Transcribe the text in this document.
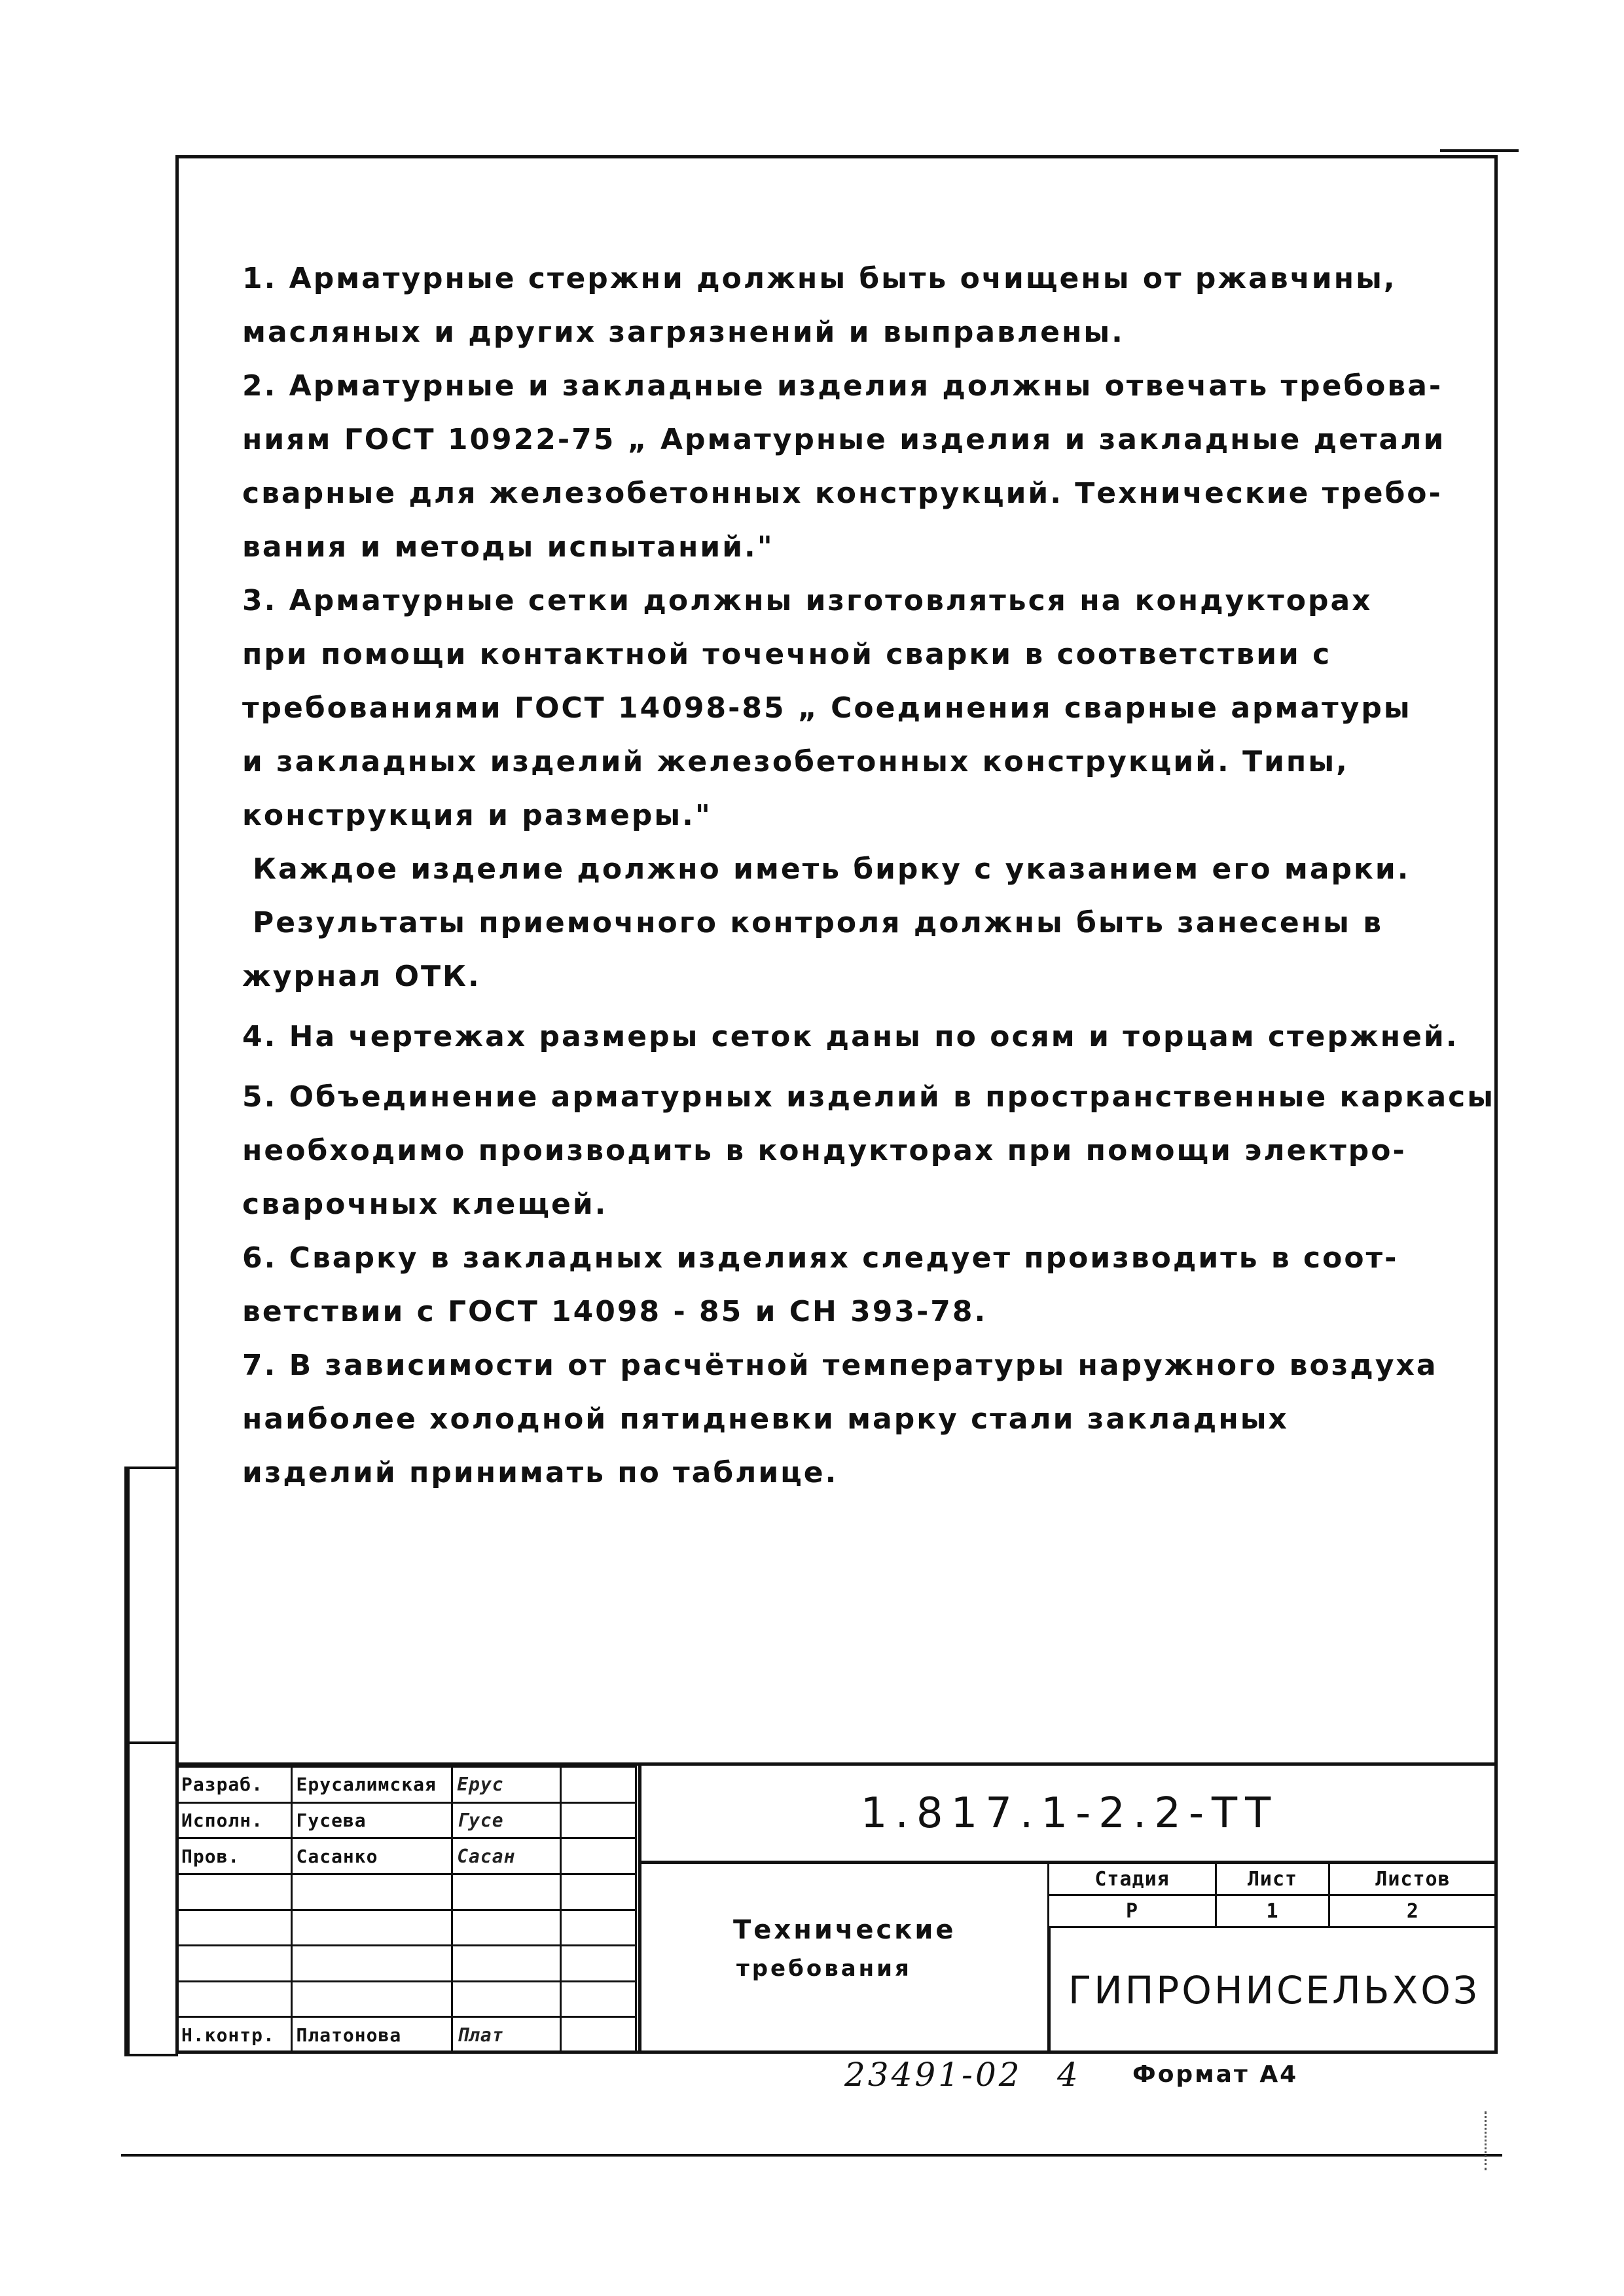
1. Арматурные стержни должны быть очищены от ржавчины,
масляных и других загрязнений и выправлены.
2. Арматурные и закладные изделия должны отвечать требова-
ниям ГОСТ 10922-75 „ Арматурные изделия и закладные детали
сварные для железобетонных конструкций. Технические требо-
вания и методы испытаний."
3. Арматурные сетки должны изготовляться на кондукторах
при помощи контактной точечной сварки в соответствии с
требованиями ГОСТ 14098-85 „ Соединения сварные арматуры
и закладных изделий железобетонных конструкций. Типы,
конструкция и размеры."
Каждое изделие должно иметь бирку с указанием его марки.
Результаты приемочного контроля должны быть занесены в
журнал ОТК.
4. На чертежах размеры сеток даны по осям и торцам стержней.
5. Объединение арматурных изделий в пространственные каркасы
необходимо производить в кондукторах при помощи электро-
сварочных клещей.
6. Сварку в закладных изделиях следует производить в соот-
ветствии с ГОСТ 14098 - 85 и СН 393-78.
7. В зависимости от расчётной температуры наружного воздуха
наиболее холодной пятидневки марку стали закладных
изделий принимать по таблице.
Разраб.	Ерусалимская	Ерус	
Исполн.	Гусева	Гусе	
Пров.	Сасанко	Сасан	

Н.контр.	Платонова	Плат	
1.817.1-2.2-ТТ
Технические
требования
Стадия	Лист	Листов
Р	1	2
ГИПРОНИСЕЛЬХОЗ
23491-02 4 Формат А4
